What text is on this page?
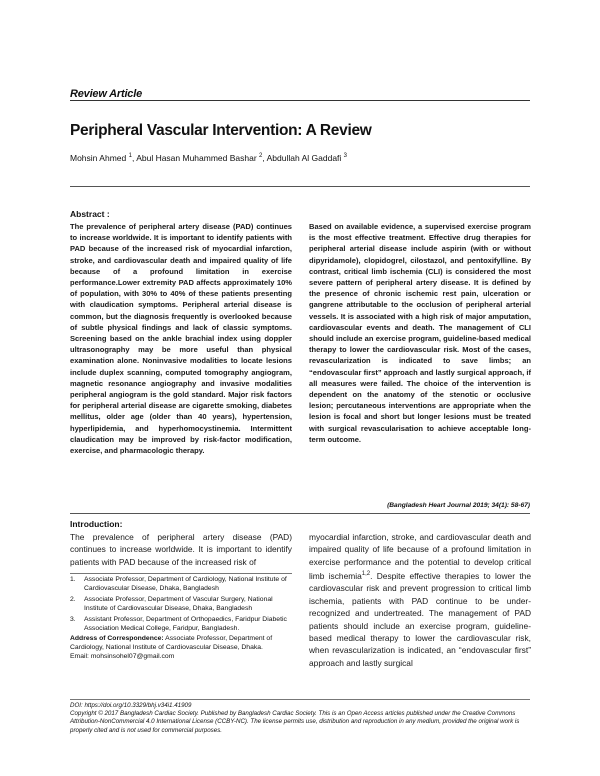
Review Article
Peripheral Vascular Intervention: A Review
Mohsin Ahmed $^1$, Abul Hasan Muhammed Bashar $^2$, Abdullah Al Gaddafi $^3$
Abstract :
The prevalence of peripheral artery disease (PAD) continues to increase worldwide. It is important to identify patients with PAD because of the increased risk of myocardial infarction, stroke, and cardiovascular death and impaired quality of life because of a profound limitation in exercise performance.Lower extremity PAD affects approximately 10% of population, with 30% to 40% of these patients presenting with claudication symptoms. Peripheral arterial disease is common, but the diagnosis frequently is overlooked because of subtle physical findings and lack of classic symptoms. Screening based on the ankle brachial index using doppler ultrasonography may be more useful than physical examination alone. Noninvasive modalities to locate lesions include duplex scanning, computed tomography angiogram, magnetic resonance angiography and invasive modalities peripheral angiogram is the gold standard. Major risk factors for peripheral arterial disease are cigarette smoking, diabetes mellitus, older age (older than 40 years), hypertension, hyperlipidemia, and hyperhomocystinemia. Intermittent claudication may be improved by risk-factor modification, exercise, and pharmacologic therapy.
Based on available evidence, a supervised exercise program is the most effective treatment. Effective drug therapies for peripheral arterial disease include aspirin (with or without dipyridamole), clopidogrel, cilostazol, and pentoxifylline. By contrast, critical limb ischemia (CLI) is considered the most severe pattern of peripheral artery disease. It is defined by the presence of chronic ischemic rest pain, ulceration or gangrene attributable to the occlusion of peripheral arterial vessels. It is associated with a high risk of major amputation, cardiovascular events and death. The management of CLI should include an exercise program, guideline-based medical therapy to lower the cardiovascular risk. Most of the cases, revascularization is indicated to save limbs; an “endovascular first” approach and lastly surgical approach, if all measures were failed. The choice of the intervention is dependent on the anatomy of the stenotic or occlusive lesion; percutaneous interventions are appropriate when the lesion is focal and short but longer lesions must be treated with surgical revascularisation to achieve acceptable long-term outcome.
(Bangladesh Heart Journal 2019; 34(1): 58-67)
Introduction:
The prevalence of peripheral artery disease (PAD) continues to increase worldwide. It is important to identify patients with PAD because of the increased risk of
myocardial infarction, stroke, and cardiovascular death and impaired quality of life because of a profound limitation in exercise performance and the potential to develop critical limb ischemia$^{1,2}$. Despite effective therapies to lower the cardiovascular risk and prevent progression to critical limb ischemia, patients with PAD continue to be under-recognized and undertreated. The management of PAD patients should include an exercise program, guideline-based medical therapy to lower the cardiovascular risk, when revascularization is indicated, an “endovascular first” approach and lastly surgical
1.	Associate Professor, Department of Cardiology, National Institute of Cardiovascular Disease, Dhaka, Bangladesh
2.	Associate Professor, Department of Vascular Surgery, National Institute of Cardiovascular Disease, Dhaka, Bangladesh
3.	Assistant Professor, Department of Orthopaedics, Faridpur Diabetic Association Medical College, Faridpur, Bangladesh.
Address of Correspondence: Associate Professor, Department of Cardiology, National Institute of Cardiovascular Disease, Dhaka.
Email: mohsinsohel07@gmail.com
DOI: https://doi.org/10.3329/bhj.v34i1.41909
Copyright © 2017 Bangladesh Cardiac Society. Published by Bangladesh Cardiac Society. This is an Open Access articles published under the Creative Commons Attribution-NonCommercial 4.0 International License (CCBY-NC). The license permits use, distribution and reproduction in any medium, provided the original work is properly cited and is not used for commercial purposes.
